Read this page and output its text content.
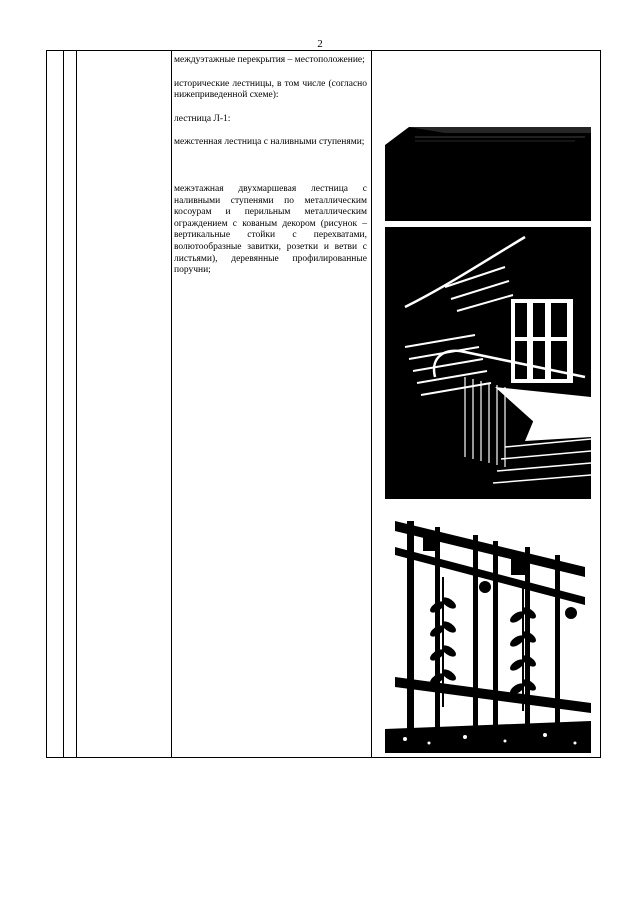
2

междуэтажные перекрытия – местоположение;

исторические лестницы, в том числе (согласно нижеприведенной схеме):

лестница Л-1:

межстенная лестница с наливными ступенями;

межэтажная двухмаршевая лестница с наливными ступенями по металлическим косоурам и перильным металлическим ограждением с кованым декором (рисунок – вертикальные стойки с перехватами, волютообразные завитки, розетки и ветви с листьями), деревянные профилированные поручни;
